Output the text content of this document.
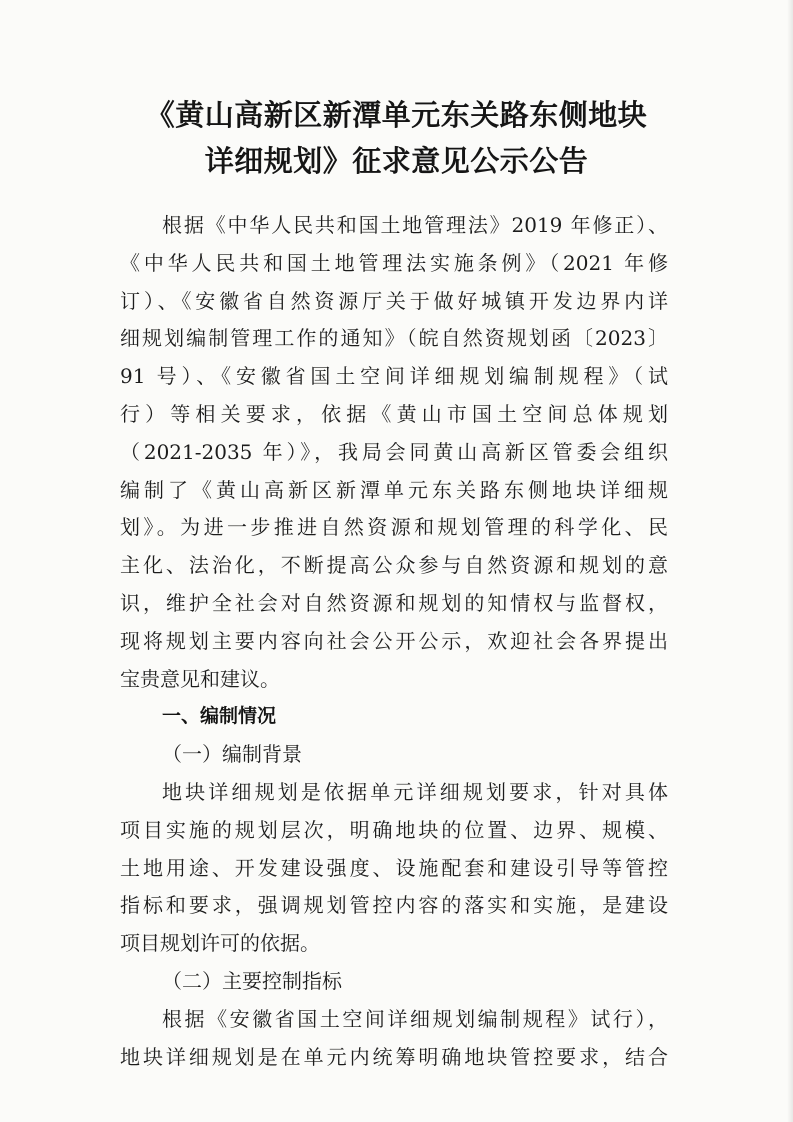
《黄山高新区新潭单元东关路东侧地块
详细规划》征求意见公示公告
根据《中华人民共和国土地管理法》2019 年修正）、
《中华人民共和国土地管理法实施条例》（2021 年修
订）、《安徽省自然资源厅关于做好城镇开发边界内详
细规划编制管理工作的通知》（皖自然资规划函〔2023〕
91 号）、《安徽省国土空间详细规划编制规程》（试
行）等相关要求，依据《黄山市国土空间总体规划
（2021-2035 年）》，我局会同黄山高新区管委会组织
编制了《黄山高新区新潭单元东关路东侧地块详细规
划》。为进一步推进自然资源和规划管理的科学化、民
主化、法治化，不断提高公众参与自然资源和规划的意
识，维护全社会对自然资源和规划的知情权与监督权，
现将规划主要内容向社会公开公示，欢迎社会各界提出
宝贵意见和建议。
一、编制情况
（一）编制背景
地块详细规划是依据单元详细规划要求，针对具体
项目实施的规划层次，明确地块的位置、边界、规模、
土地用途、开发建设强度、设施配套和建设引导等管控
指标和要求，强调规划管控内容的落实和实施，是建设
项目规划许可的依据。
（二）主要控制指标
根据《安徽省国土空间详细规划编制规程》试行），
地块详细规划是在单元内统筹明确地块管控要求，结合
